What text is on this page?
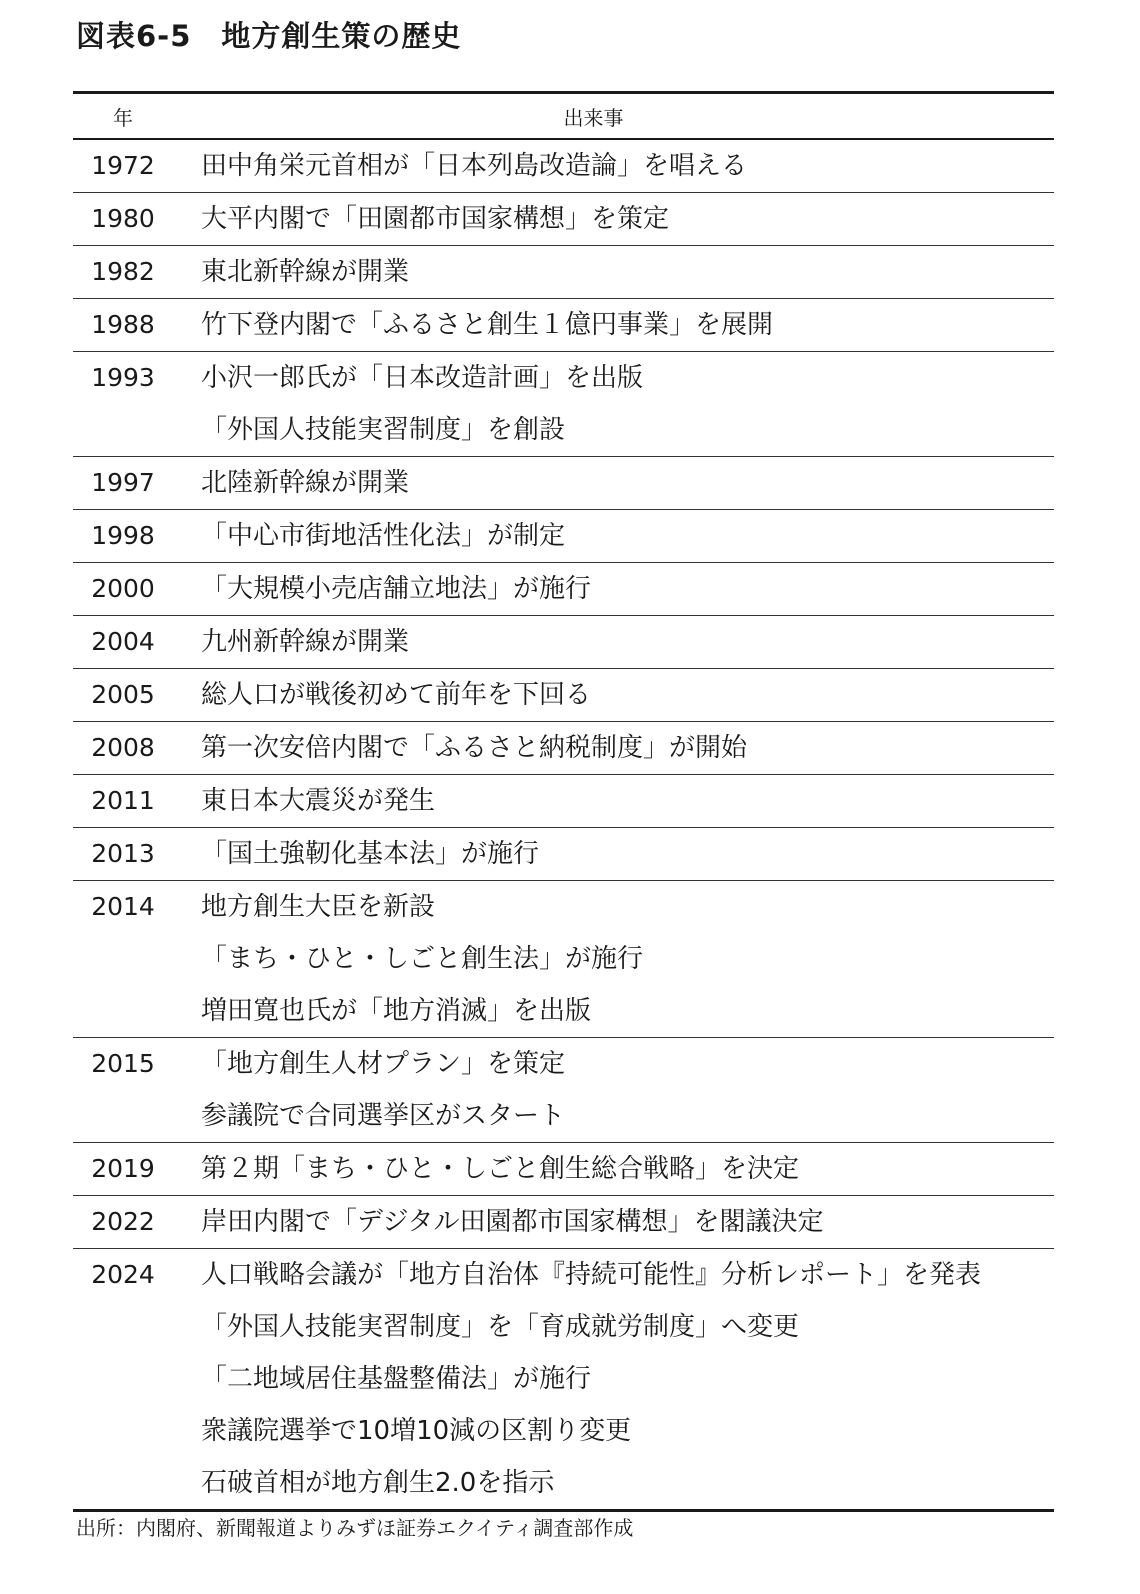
図表6-5　地方創生策の歴史
年	出来事
1972	田中角栄元首相が「日本列島改造論」を唱える
1980	大平内閣で「田園都市国家構想」を策定
1982	東北新幹線が開業
1988	竹下登内閣で「ふるさと創生１億円事業」を展開
1993	小沢一郎氏が「日本改造計画」を出版
「外国人技能実習制度」を創設
1997	北陸新幹線が開業
1998	「中心市街地活性化法」が制定
2000	「大規模小売店舗立地法」が施行
2004	九州新幹線が開業
2005	総人口が戦後初めて前年を下回る
2008	第一次安倍内閣で「ふるさと納税制度」が開始
2011	東日本大震災が発生
2013	「国土強靭化基本法」が施行
2014	地方創生大臣を新設
「まち・ひと・しごと創生法」が施行
増田寛也氏が「地方消滅」を出版
2015	「地方創生人材プラン」を策定
参議院で合同選挙区がスタート
2019	第２期「まち・ひと・しごと創生総合戦略」を決定
2022	岸田内閣で「デジタル田園都市国家構想」を閣議決定
2024	人口戦略会議が「地方自治体『持続可能性』分析レポート」を発表
「外国人技能実習制度」を「育成就労制度」へ変更
「二地域居住基盤整備法」が施行
衆議院選挙で10増10減の区割り変更
石破首相が地方創生2.0を指示
出所：内閣府、新聞報道よりみずほ証券エクイティ調査部作成
